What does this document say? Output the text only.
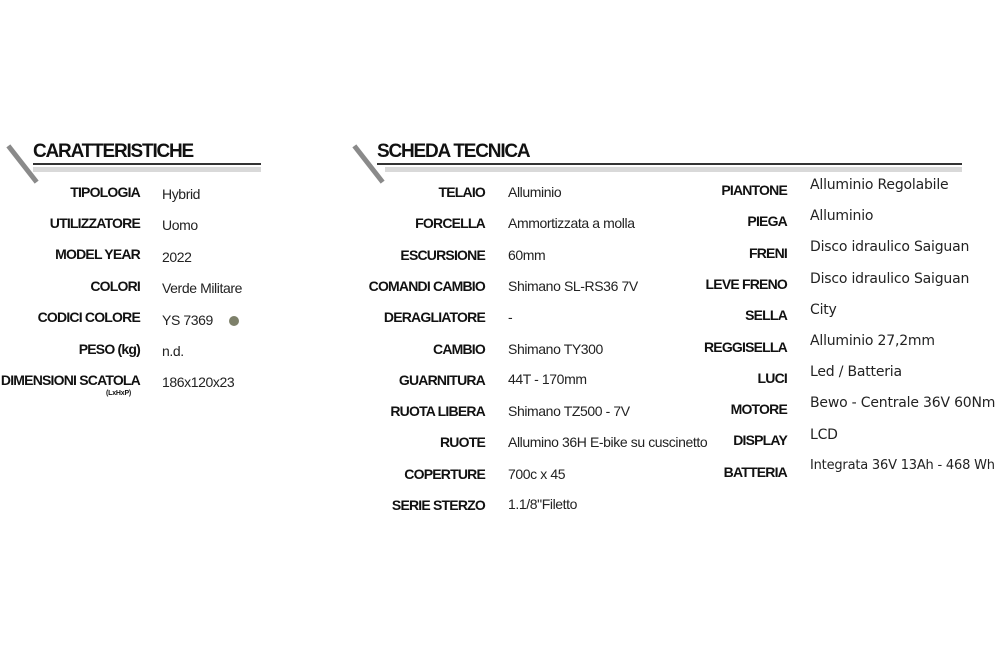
CARATTERISTICHE
TIPOLOGIA Hybrid
UTILIZZATORE Uomo
MODEL YEAR 2022
COLORI Verde Militare
CODICI COLORE YS 7369
PESO (kg) n.d.
DIMENSIONI SCATOLA 186x120x23
(LxHxP)
SCHEDA TECNICA
TELAIO Alluminio
FORCELLA Ammortizzata a molla
ESCURSIONE 60mm
COMANDI CAMBIO Shimano SL-RS36 7V
DERAGLIATORE -
CAMBIO Shimano TY300
GUARNITURA 44T - 170mm
RUOTA LIBERA Shimano TZ500 - 7V
RUOTE Allumino 36H E-bike su cuscinetto
COPERTURE 700c x 45
SERIE STERZO 1.1/8"Filetto
PIANTONE Alluminio Regolabile
PIEGA Alluminio
FRENI Disco idraulico Saiguan
LEVE FRENO Disco idraulico Saiguan
SELLA City
REGGISELLA Alluminio 27,2mm
LUCI Led / Batteria
MOTORE Bewo - Centrale 36V 60Nm
DISPLAY LCD
BATTERIA Integrata 36V 13Ah - 468 Wh
